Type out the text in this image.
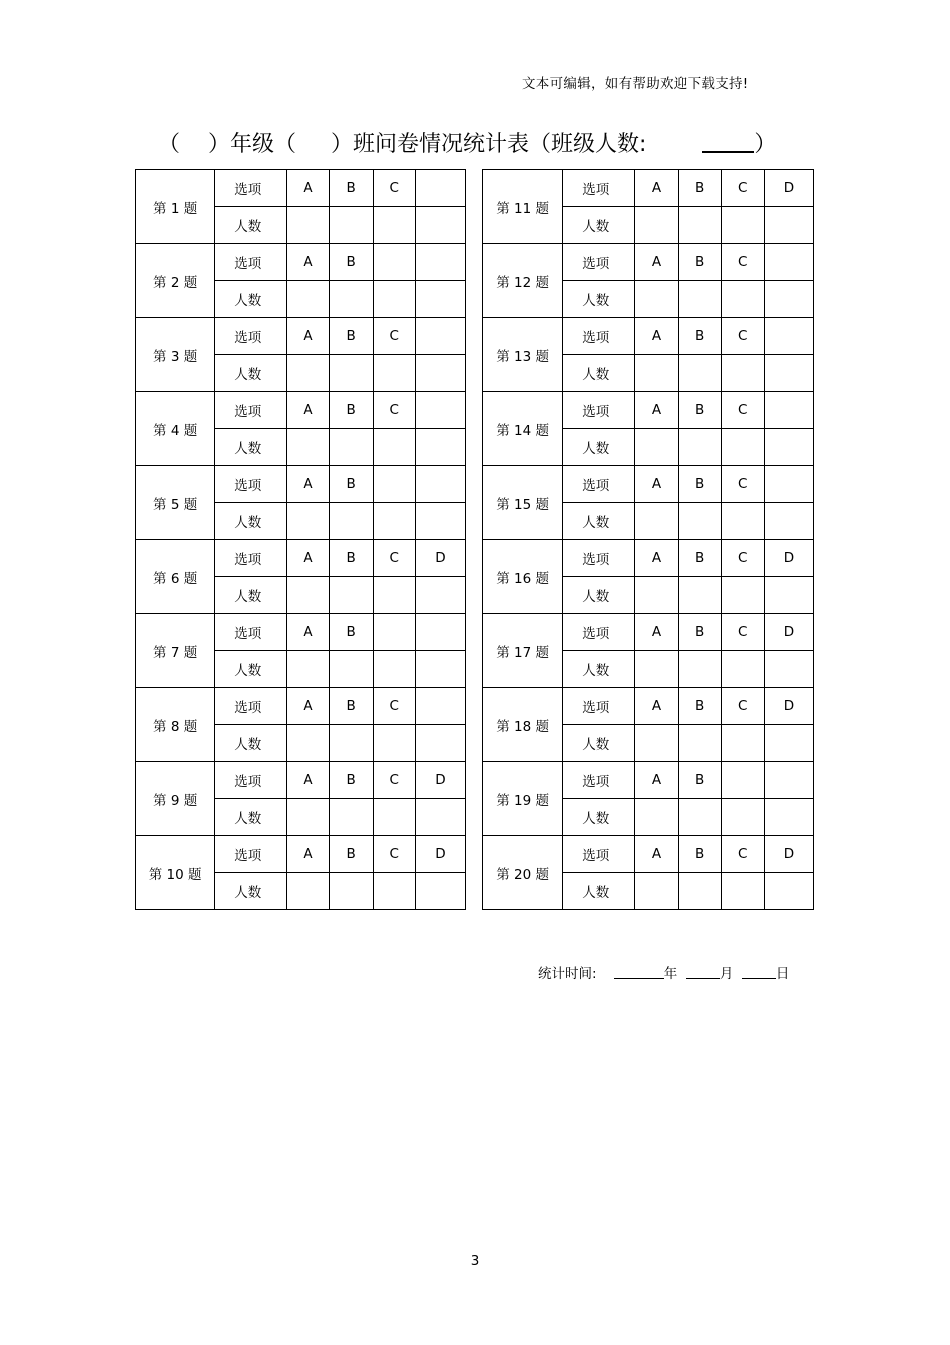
文本可编辑，如有帮助欢迎下载支持!
（    ）年级（     ）班问卷情况统计表（班级人数:	）
第 1 题	选项	A	B	C	
	人数				
第 2 题	选项	A	B		
	人数				
第 3 题	选项	A	B	C	
	人数				
第 4 题	选项	A	B	C	
	人数				
第 5 题	选项	A	B		
	人数				
第 6 题	选项	A	B	C	D
	人数				
第 7 题	选项	A	B		
	人数				
第 8 题	选项	A	B	C	
	人数				
第 9 题	选项	A	B	C	D
	人数				
第 10 题	选项	A	B	C	D
	人数				
第 11 题	选项	A	B	C	D
	人数				
第 12 题	选项	A	B	C	
	人数				
第 13 题	选项	A	B	C	
	人数				
第 14 题	选项	A	B	C	
	人数				
第 15 题	选项	A	B	C	
	人数				
第 16 题	选项	A	B	C	D
	人数				
第 17 题	选项	A	B	C	D
	人数				
第 18 题	选项	A	B	C	D
	人数				
第 19 题	选项	A	B		
	人数				
第 20 题	选项	A	B	C	D
	人数				
统计时间:	年	月	日
3
